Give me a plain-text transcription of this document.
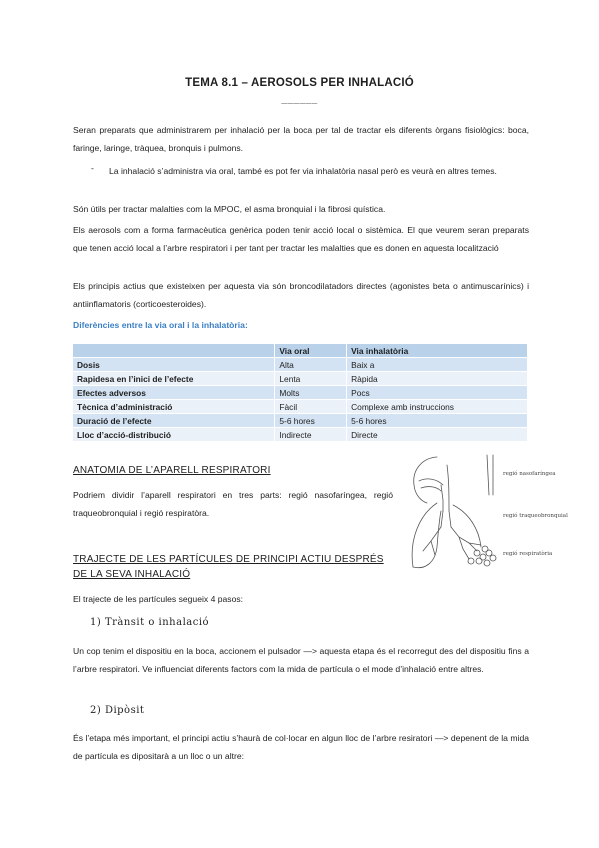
TEMA 8.1 – AEROSOLS PER INHALACIÓ
______
Seran preparats que administrarem per inhalació per la boca per tal de tractar els diferents òrgans fisiològics: boca, faringe, laringe, tràquea, bronquis i pulmons.
- La inhalació s’administra via oral, també es pot fer via inhalatòria nasal però es veurà en altres temes.
Són útils per tractar malalties com la MPOC, el asma bronquial i la fibrosi quística.
Els aerosols com a forma farmacèutica genèrica poden tenir acció local o sistèmica. El que veurem seran preparats que tenen acció local a l’arbre respiratori i per tant per tractar les malalties que es donen en aquesta localització
Els principis actius que existeixen per aquesta via són broncodilatadors directes (agonistes beta o antimuscarínics) i antiinflamatoris (corticoesteroides).
Diferències entre la via oral i la inhalatòria:
	Via oral	Via inhalatòria
Dosis	Alta	Baix a
Rapidesa en l’inici de l’efecte	Lenta	Ràpida
Efectes adversos	Molts	Pocs
Tècnica d’administració	Fàcil	Complexe amb instruccions
Duració de l’efecte	5-6 hores	5-6 hores
Lloc d’acció-distribució	Indirecte	Directe
ANATOMIA DE L’APARELL RESPIRATORI
Podriem dividir l’aparell respiratori en tres parts: regió nasofaríngea, regió traqueobronquial i regió respiratòra.
regió nasofaríngea
regió traqueobronquial
regió respiratòria
TRAJECTE DE LES PARTÍCULES DE PRINCIPI ACTIU DESPRÉS
DE LA SEVA INHALACIÓ
El trajecte de les partícules segueix 4 pasos:
1) Trànsit o inhalació
Un cop tenim el dispositiu en la boca, accionem el pulsador —> aquesta etapa és el recorregut des del dispositiu fins a l’arbre respiratori. Ve influenciat diferents factors com la mida de partícula o el mode d’inhalació entre altres.
2) Dipòsit
És l’etapa més important, el principi actiu s’haurà de col·locar en algun lloc de l’arbre resiratori —> depenent de la mida de partícula es dipositarà a un lloc o un altre:
